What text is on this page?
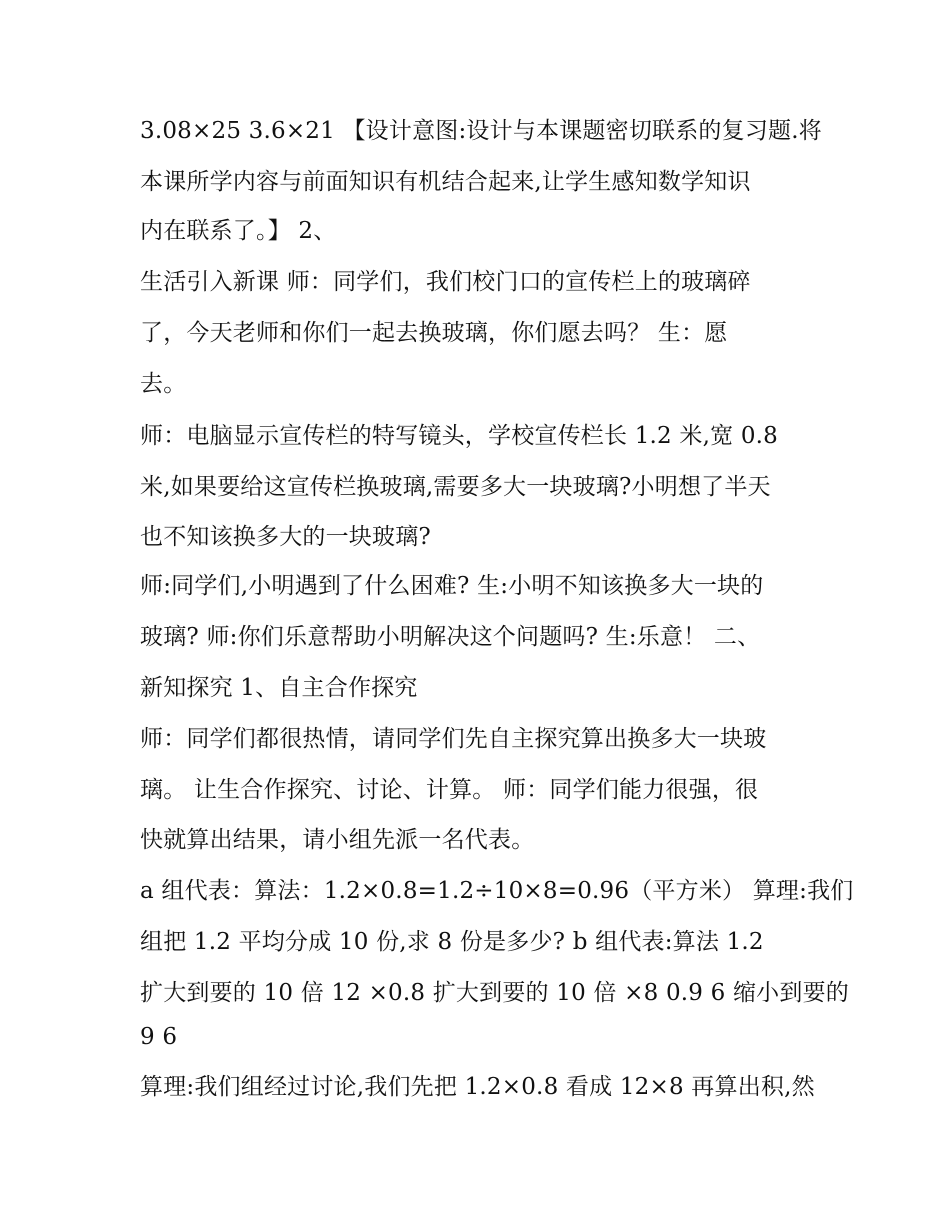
3.08×25 3.6×21 【设计意图:设计与本课题密切联系的复习题.将
本课所学内容与前面知识有机结合起来,让学生感知数学知识
内在联系了。】 2、
生活引入新课 师：同学们，我们校门口的宣传栏上的玻璃碎
了，今天老师和你们一起去换玻璃，你们愿去吗？ 生：愿
去。
师：电脑显示宣传栏的特写镜头，学校宣传栏长 1.2 米,宽 0.8
米,如果要给这宣传栏换玻璃,需要多大一块玻璃?小明想了半天
也不知该换多大的一块玻璃?
师:同学们,小明遇到了什么困难? 生:小明不知该换多大一块的
玻璃? 师:你们乐意帮助小明解决这个问题吗? 生:乐意！ 二、
新知探究 1、自主合作探究
师：同学们都很热情，请同学们先自主探究算出换多大一块玻
璃。 让生合作探究、讨论、计算。 师：同学们能力很强，很
快就算出结果，请小组先派一名代表。
a 组代表：算法：1.2×0.8=1.2÷10×8=0.96（平方米） 算理:我们
组把 1.2 平均分成 10 份,求 8 份是多少? b 组代表:算法 1.2
扩大到要的 10 倍 12 ×0.8 扩大到要的 10 倍 ×8 0.9 6 缩小到要的
9 6
算理:我们组经过讨论,我们先把 1.2×0.8 看成 12×8 再算出积,然
